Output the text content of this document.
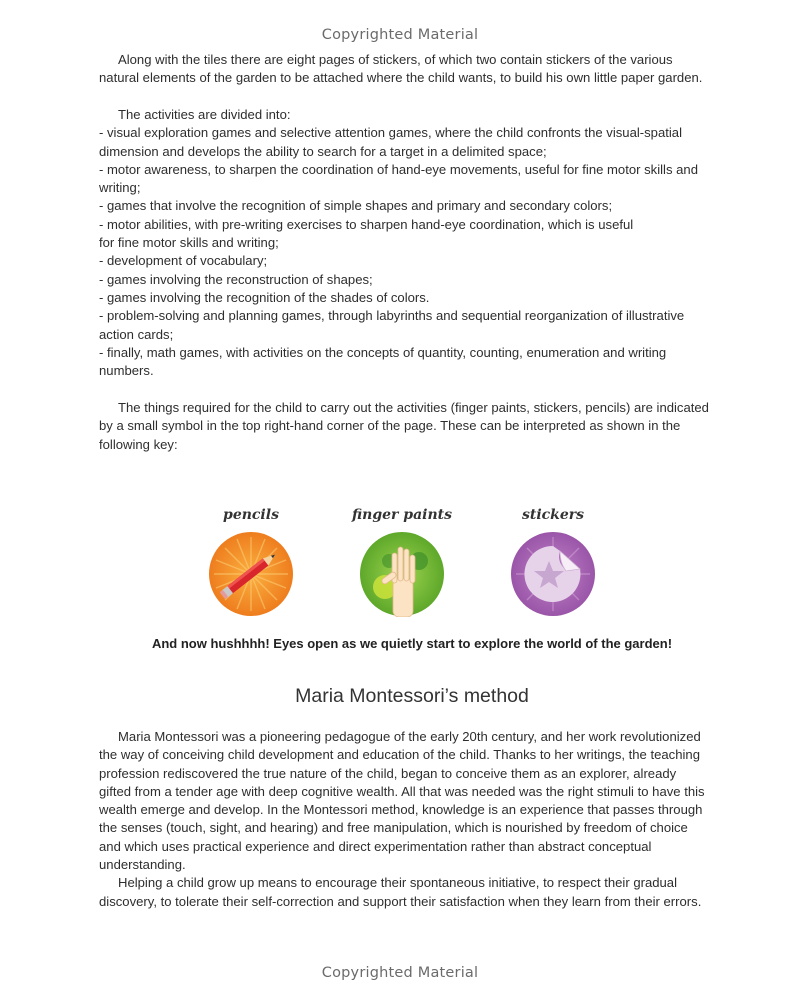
Copyrighted Material

Along with the tiles there are eight pages of stickers, of which two contain stickers of the various natural elements of the garden to be attached where the child wants, to build his own little paper garden.

The activities are divided into:

- visual exploration games and selective attention games, where the child confronts the visual-spatial dimension and develops the ability to search for a target in a delimited space;

- motor awareness, to sharpen the coordination of hand-eye movements, useful for fine motor skills and writing;

- games that involve the recognition of simple shapes and primary and secondary colors;

- motor abilities, with pre-writing exercises to sharpen hand-eye coordination, which is useful

for fine motor skills and writing;

- development of vocabulary;

- games involving the reconstruction of shapes;

- games involving the recognition of the shades of colors.

- problem-solving and planning games, through labyrinths and sequential reorganization of illustrative action cards;

- finally, math games, with activities on the concepts of quantity, counting, enumeration and writing numbers.

The things required for the child to carry out the activities (finger paints, stickers, pencils) are indicated by a small symbol in the top right-hand corner of the page. These can be interpreted as shown in the following key:

pencils	finger paints	stickers
And now hushhhh! Eyes open as we quietly start to explore the world of the garden!
Maria Montessori’s method

Maria Montessori was a pioneering pedagogue of the early 20th century, and her work revolutionized the way of conceiving child development and education of the child. Thanks to her writings, the teaching profession rediscovered the true nature of the child, began to conceive them as an explorer, already gifted from a tender age with deep cognitive wealth. All that was needed was the right stimuli to have this wealth emerge and develop. In the Montessori method, knowledge is an experience that passes through the senses (touch, sight, and hearing) and free manipulation, which is nourished by freedom of choice and which uses practical experience and direct experimentation rather than abstract conceptual understanding.

Helping a child grow up means to encourage their spontaneous initiative, to respect their gradual discovery, to tolerate their self-correction and support their satisfaction when they learn from their errors.

Copyrighted Material
